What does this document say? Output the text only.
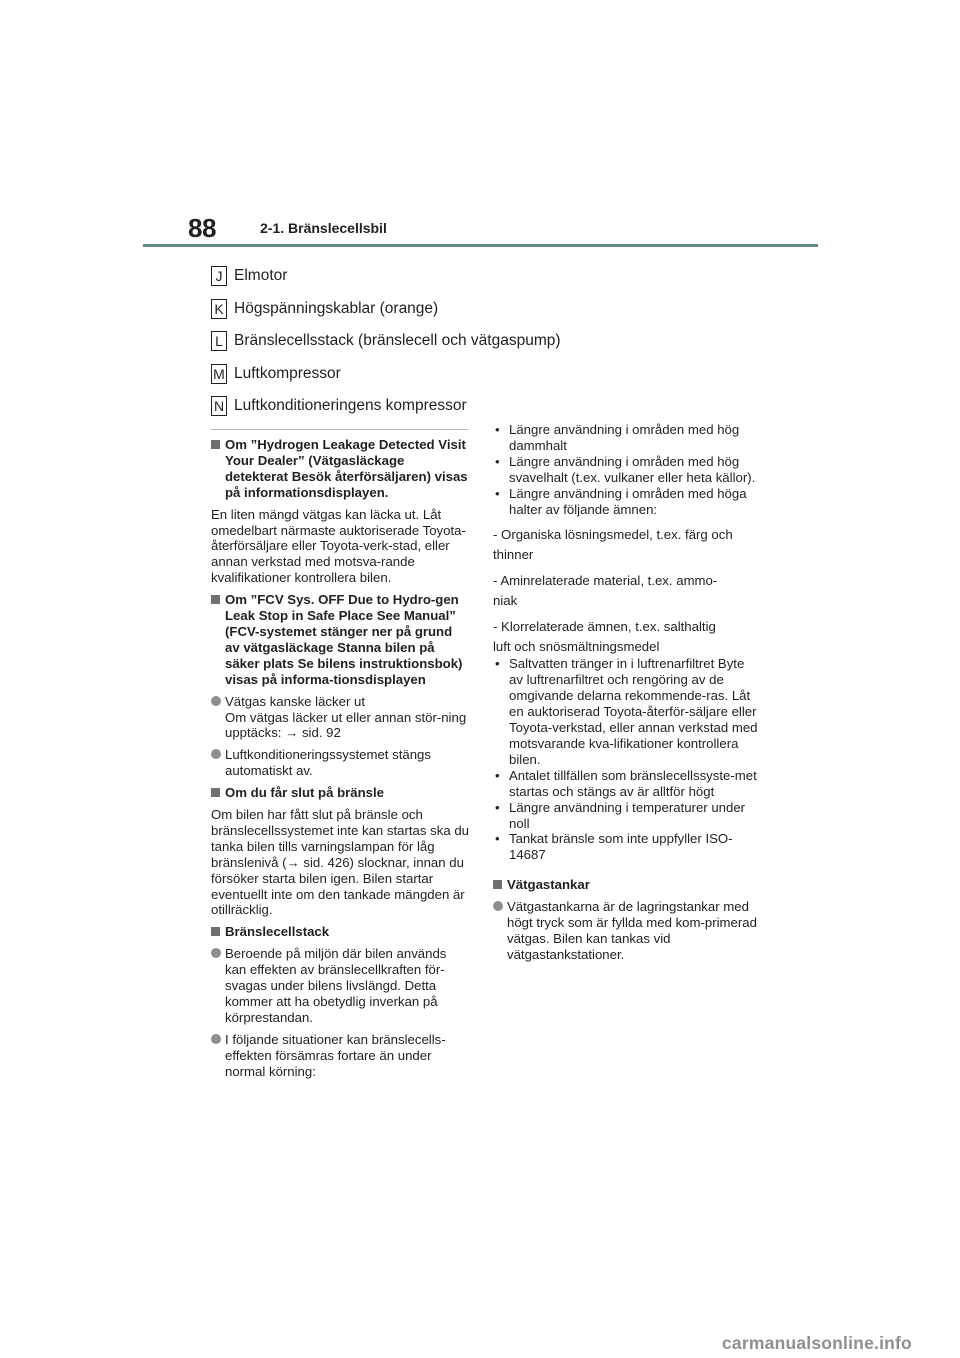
88	2-1. Bränslecellsbil
J Elmotor
K Högspänningskablar (orange)
L Bränslecellsstack (bränslecell och vätgaspump)
M Luftkompressor
N Luftkonditioneringens kompressor
Om ”Hydrogen Leakage Detected Visit Your Dealer” (Vätgasläckage detekterat Besök återförsäljaren) visas på informationsdisplayen.

En liten mängd vätgas kan läcka ut. Låt omedelbart närmaste auktoriserade Toyota-återförsäljare eller Toyota-verk-stad, eller annan verkstad med motsva-rande kvalifikationer kontrollera bilen.

Om ”FCV Sys. OFF Due to Hydro-gen Leak Stop in Safe Place See Manual” (FCV-systemet stänger ner på grund av vätgasläckage Stanna bilen på säker plats Se bilens instruktionsbok) visas på informa-tionsdisplayen
Vätgas kanske läcker ut
Om vätgas läcker ut eller annan stör-ning upptäcks: → sid. 92
Luftkonditioneringssystemet stängs automatiskt av.
Om du får slut på bränsle

Om bilen har fått slut på bränsle och bränslecellssystemet inte kan startas ska du tanka bilen tills varningslampan för låg bränslenivå (→ sid. 426) slocknar, innan du försöker starta bilen igen. Bilen startar eventuellt inte om den tankade mängden är otillräcklig.

Bränslecellstack
Beroende på miljön där bilen används kan effekten av bränslecellkraften för-svagas under bilens livslängd. Detta kommer att ha obetydlig inverkan på körprestandan.
I följande situationer kan bränslecells-effekten försämras fortare än under normal körning:
• Längre användning i områden med hög dammhalt
• Längre användning i områden med hög svavelhalt (t.ex. vulkaner eller heta källor).
• Längre användning i områden med höga halter av följande ämnen:

- Organiska lösningsmedel, t.ex. färg och
thinner

- Aminrelaterade material, t.ex. ammo-
niak

- Klorrelaterade ämnen, t.ex. salthaltig
luft och snösmältningsmedel

• Saltvatten tränger in i luftrenarfiltret Byte av luftrenarfiltret och rengöring av de omgivande delarna rekommende-ras. Låt en auktoriserad Toyota-återför-säljare eller Toyota-verkstad, eller annan verkstad med motsvarande kva-lifikationer kontrollera bilen.
• Antalet tillfällen som bränslecellssyste-met startas och stängs av är alltför högt
• Längre användning i temperaturer under noll
• Tankat bränsle som inte uppfyller ISO-14687
Vätgastankar
Vätgastankarna är de lagringstankar med högt tryck som är fyllda med kom-primerad vätgas. Bilen kan tankas vid vätgastankstationer.
carmanualsonline.info
